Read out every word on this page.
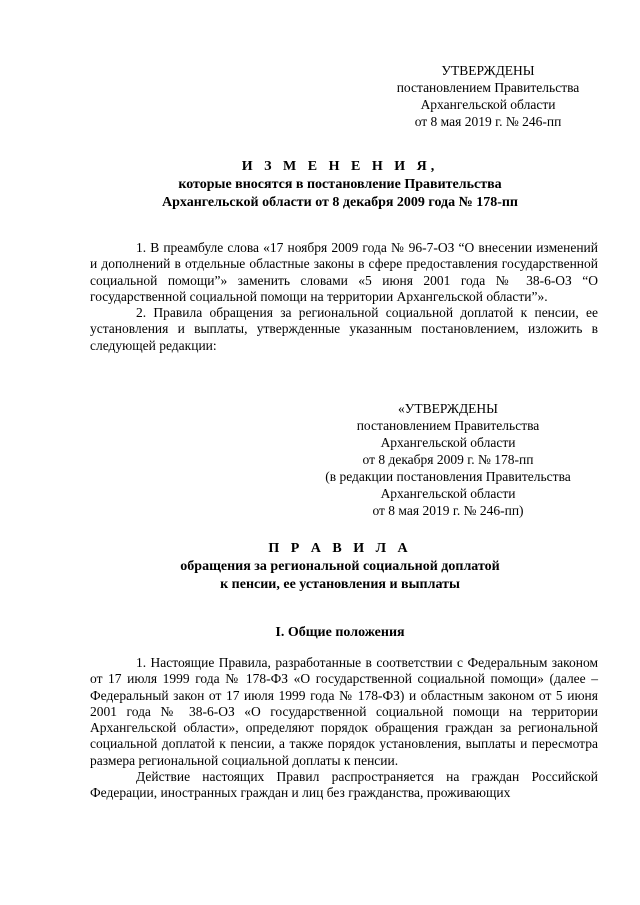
УТВЕРЖДЕНЫ
постановлением Правительства
Архангельской области
от 8 мая 2019 г. № 246-пп
И З М Е Н Е Н И Я,
которые вносятся в постановление Правительства
Архангельской области от 8 декабря 2009 года № 178-пп

1. В преамбуле слова «17 ноября 2009 года № 96-7-ОЗ “О внесении изменений и дополнений в отдельные областные законы в сфере предоставления государственной социальной помощи”» заменить словами «5 июня 2001 года № 38-6-ОЗ “О государственной социальной помощи на территории Архангельской области”».

2. Правила обращения за региональной социальной доплатой к пенсии, ее установления и выплаты, утвержденные указанным постановлением, изложить в следующей редакции:

«УТВЕРЖДЕНЫ
постановлением Правительства
Архангельской области
от 8 декабря 2009 г. № 178-пп
(в редакции постановления Правительства
Архангельской области
от 8 мая 2019 г. № 246-пп)
П Р А В И Л А
обращения за региональной социальной доплатой
к пенсии, ее установления и выплаты
I. Общие положения

1. Настоящие Правила, разработанные в соответствии с Федеральным законом от 17 июля 1999 года № 178-ФЗ «О государственной социальной помощи» (далее – Федеральный закон от 17 июля 1999 года № 178-ФЗ) и областным законом от 5 июня 2001 года № 38-6-ОЗ «О государственной социальной помощи на территории Архангельской области», определяют порядок обращения граждан за региональной социальной доплатой к пенсии, а также порядок установления, выплаты и пересмотра размера региональной социальной доплаты к пенсии.

Действие настоящих Правил распространяется на граждан Российской Федерации, иностранных граждан и лиц без гражданства, проживающих
